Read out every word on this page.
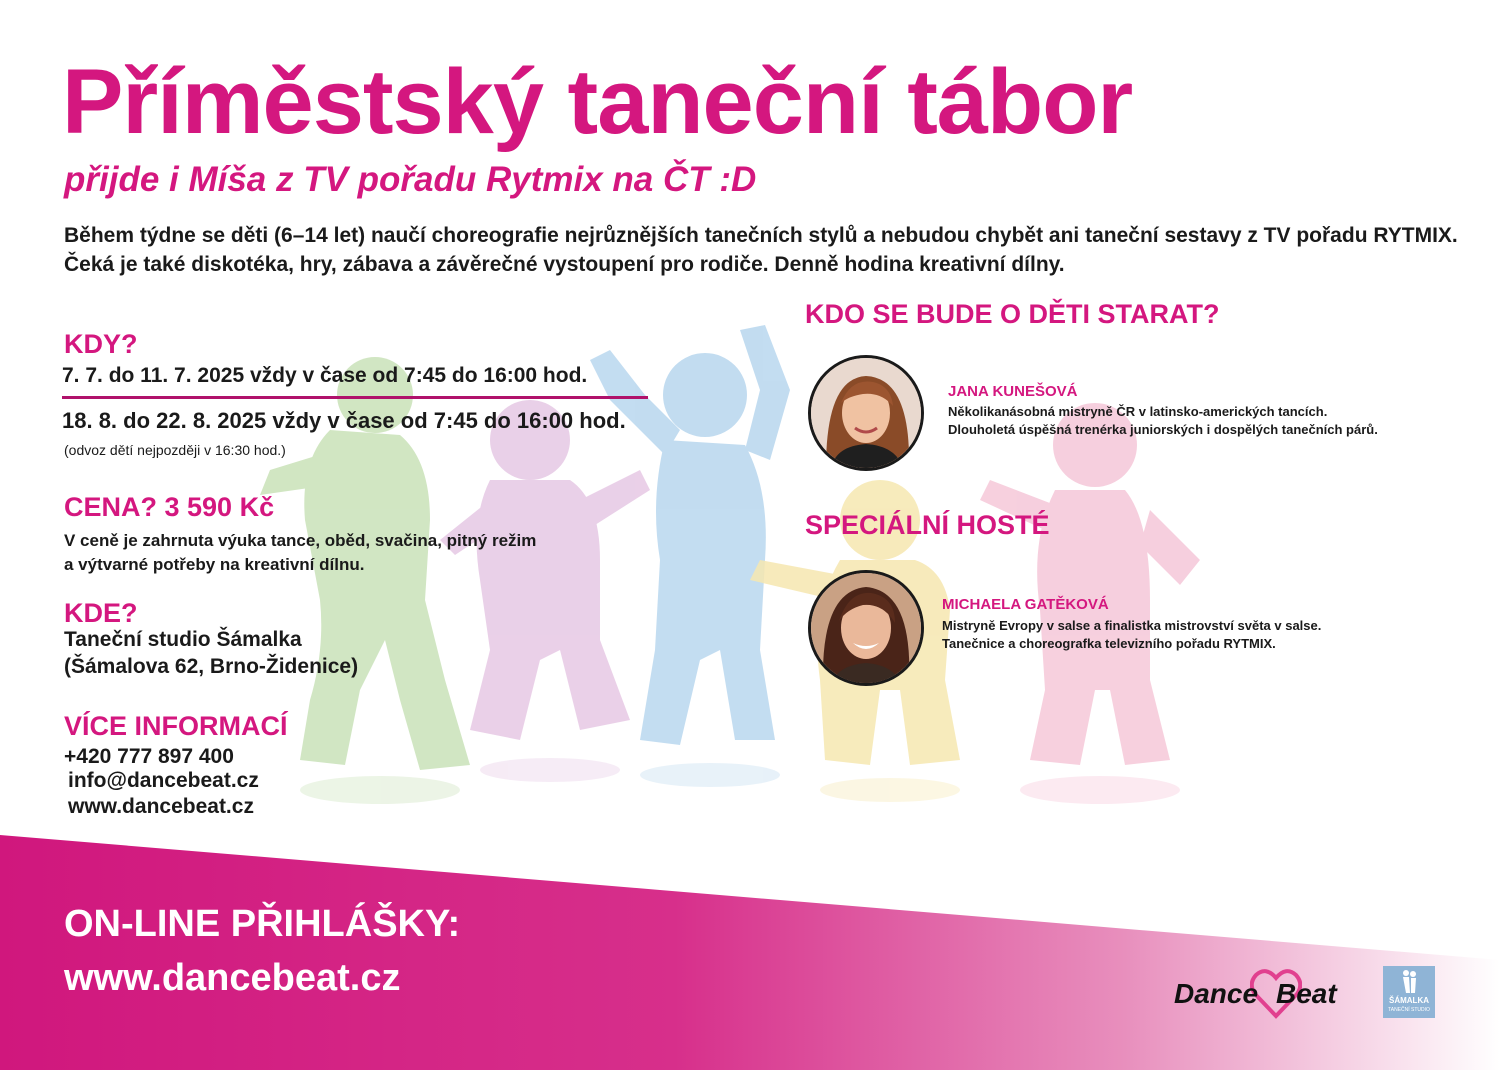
Příměstský taneční tábor
přijde i Míša z TV pořadu Rytmix na ČT :D
Během týdne se děti (6–14 let) naučí choreografie nejrůznějších tanečních stylů a nebudou chybět ani taneční sestavy z TV pořadu RYTMIX. Čeká je také diskotéka, hry, zábava a závěrečné vystoupení pro rodiče. Denně hodina kreativní dílny.
KDY?
7. 7. do 11. 7. 2025 vždy v čase od 7:45 do 16:00 hod.
18. 8. do 22. 8. 2025 vždy v čase od 7:45 do 16:00 hod.
(odvoz dětí nejpozději v 16:30 hod.)
CENA? 3 590 Kč
V ceně je zahrnuta výuka tance, oběd, svačina, pitný režim
a výtvarné potřeby na kreativní dílnu.
KDE?
Taneční studio Šámalka
(Šámalova 62, Brno-Židenice)
VÍCE INFORMACÍ
+420 777 897 400
info@dancebeat.cz
www.dancebeat.cz
KDO SE BUDE O DĚTI STARAT?
JANA KUNEŠOVÁ
Několikanásobná mistryně ČR v latinsko-amerických tancích.
Dlouholetá úspěšná trenérka juniorských i dospělých tanečních párů.
SPECIÁLNÍ HOSTÉ
MICHAELA GATĚKOVÁ
Mistryně Evropy v salse a finalistka mistrovství světa v salse.
Tanečnice a choreografka televizního pořadu RYTMIX.
ON-LINE PŘIHLÁŠKY:
www.dancebeat.cz	Dance Beat	ŠÁMALKA
TANEČNÍ STUDIO
